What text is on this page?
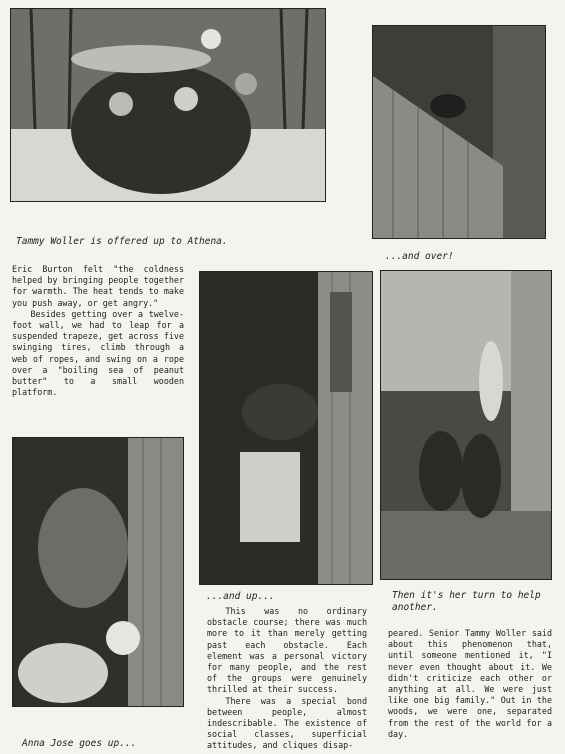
Tammy Woller is offered up to Athena.
...and over!

Eric Burton felt "the coldness helped by bringing people together for warmth. The heat tends to make you push away, or get angry."

Besides getting over a twelve-foot wall, we had to leap for a suspended trapeze, get across five swinging tires, climb through a web of ropes, and swing on a rope over a "boiling sea of peanut butter" to a small wooden platform.

...and up...	Then it's her turn to help another.

This was no ordinary obstacle course; there was much more to it than merely getting past each obstacle. Each element was a personal victory for many people, and the rest of the groups were genuinely thrilled at their success.

There was a special bond between people, almost indescribable. The existence of social classes, superficial attitudes, and cliques disap-

peared. Senior Tammy Woller said about this phenomenon that, until someone mentioned it, "I never even thought about it. We didn't criticize each other or anything at all. We were just like one big family." Out in the woods, we were one, separated from the rest of the world for a day.

Anna Jose goes up...
